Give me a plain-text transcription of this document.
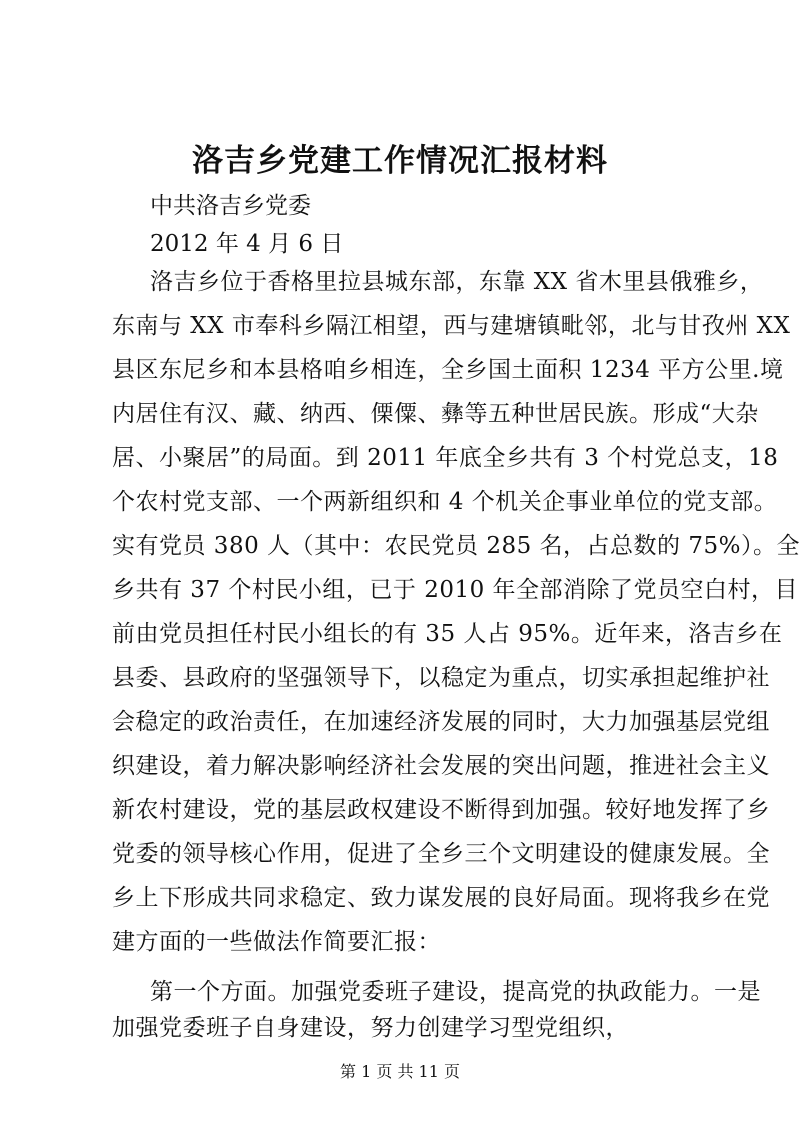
洛吉乡党建工作情况汇报材料
中共洛吉乡党委
2012 年 4 月 6 日
洛吉乡位于香格里拉县城东部，东靠 XX 省木里县俄雅乡，
东南与 XX 市奉科乡隔江相望，西与建塘镇毗邻，北与甘孜州 XX
县区东尼乡和本县格咱乡相连，全乡国土面积 1234 平方公里.境
内居住有汉、藏、纳西、傈僳、彝等五种世居民族。形成“大杂
居、小聚居”的局面。到 2011 年底全乡共有 3 个村党总支，18
个农村党支部、一个两新组织和 4 个机关企事业单位的党支部。
实有党员 380 人（其中：农民党员 285 名，占总数的 75%）。全
乡共有 37 个村民小组，已于 2010 年全部消除了党员空白村，目
前由党员担任村民小组长的有 35 人占 95%。近年来，洛吉乡在
县委、县政府的坚强领导下，以稳定为重点，切实承担起维护社
会稳定的政治责任，在加速经济发展的同时，大力加强基层党组
织建设，着力解决影响经济社会发展的突出问题，推进社会主义
新农村建设，党的基层政权建设不断得到加强。较好地发挥了乡
党委的领导核心作用，促进了全乡三个文明建设的健康发展。全
乡上下形成共同求稳定、致力谋发展的良好局面。现将我乡在党
建方面的一些做法作简要汇报：
第一个方面。加强党委班子建设，提高党的执政能力。一是
加强党委班子自身建设，努力创建学习型党组织，
第 1 页 共 11 页
